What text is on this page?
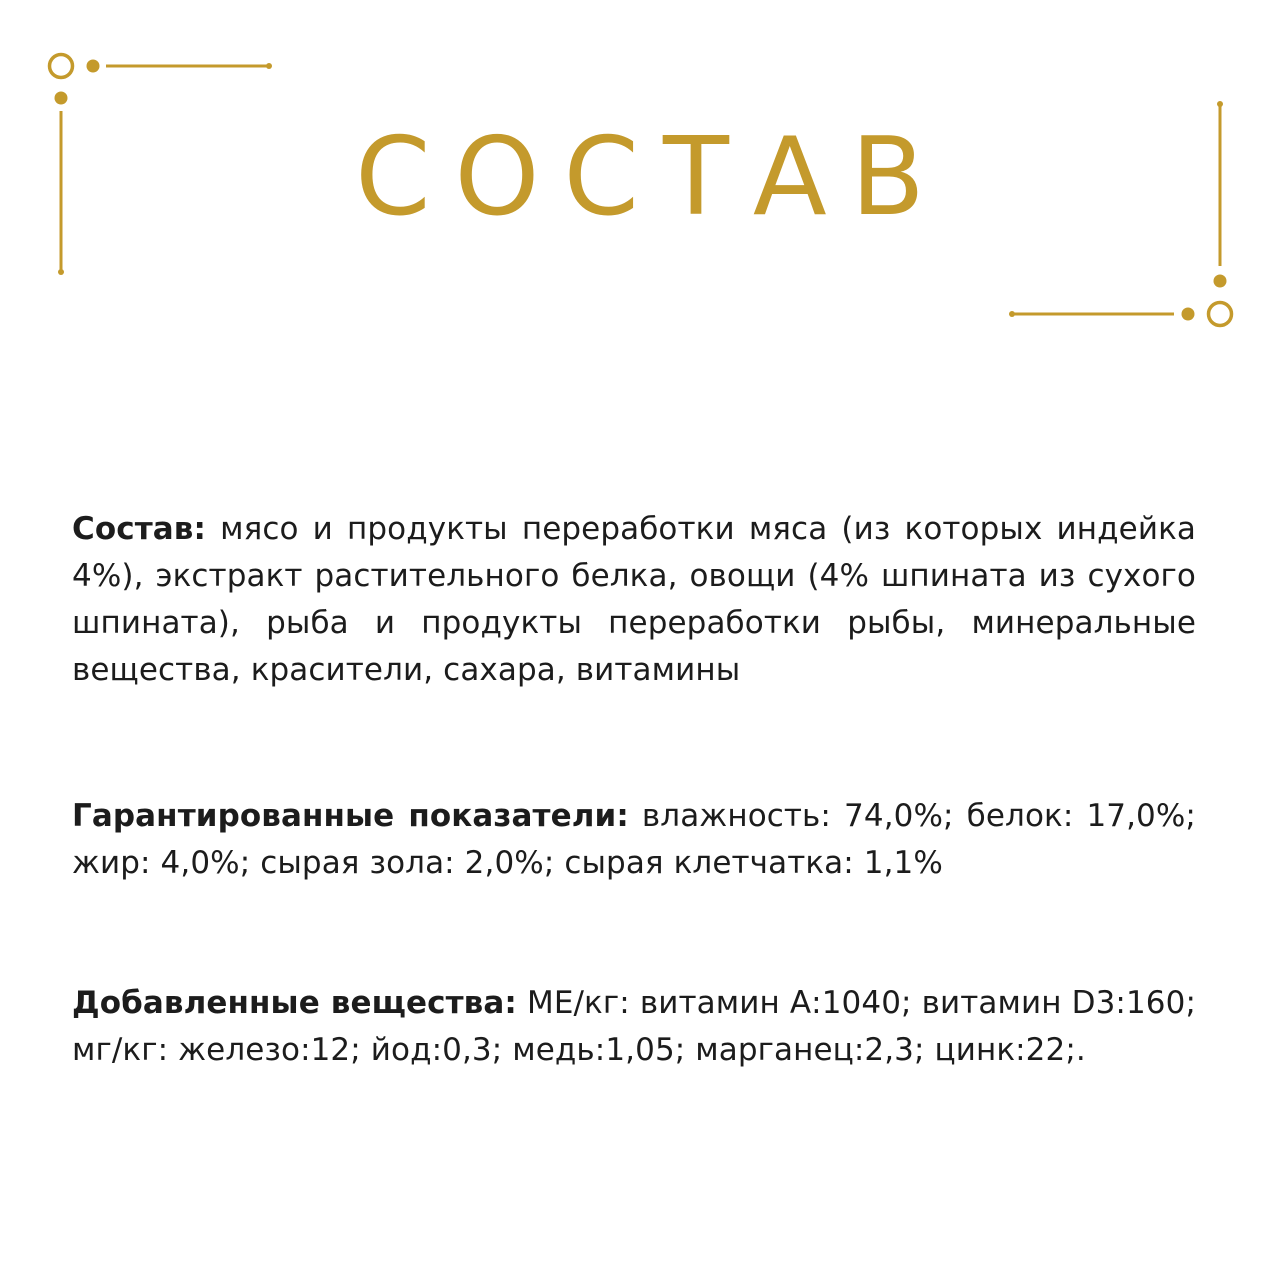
СОСТАВ

Состав: мясо и продукты переработки мяса (из которых индейка 4%), экстракт растительного белка, овощи (4% шпината из сухого шпината), рыба и продукты переработки рыбы, минеральные вещества, красители, сахара, витамины

Гарантированные показатели: влажность: 74,0%; белок: 17,0%; жир: 4,0%; сырая зола: 2,0%; сырая клетчатка: 1,1%

Добавленные вещества: МЕ/кг: витамин А:1040; витамин D3:160; мг/кг: железо:12; йод:0,3; медь:1,05; марганец:2,3; цинк:22;.
